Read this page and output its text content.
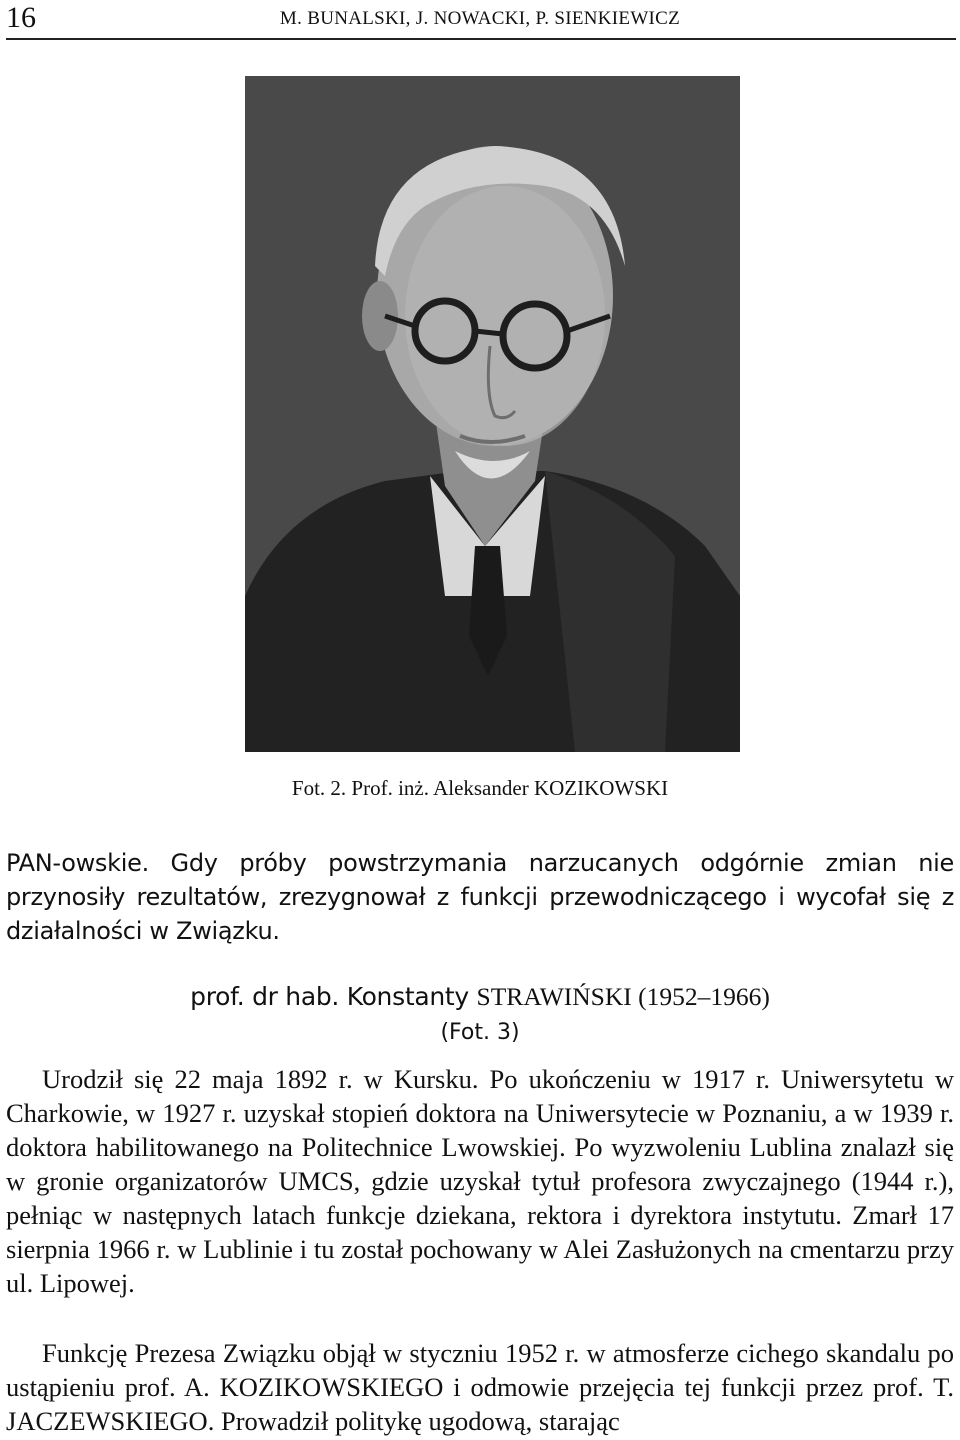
16	M. BUNALSKI, J. NOWACKI, P. SIENKIEWICZ
Fot. 2. Prof. inż. Aleksander KOZIKOWSKI

PAN-owskie. Gdy próby powstrzymania narzucanych odgórnie zmian nie przynosiły rezultatów, zrezygnował z funkcji przewodniczącego i wycofał się z działalności w Związku.

prof. dr hab. Konstanty STRAWIŃSKI (1952–1966)
(Fot. 3)

Urodził się 22 maja 1892 r. w Kursku. Po ukończeniu w 1917 r. Uniwersytetu w Charkowie, w 1927 r. uzyskał stopień doktora na Uniwersytecie w Poznaniu, a w 1939 r. doktora habilitowanego na Politechnice Lwowskiej. Po wyzwoleniu Lublina znalazł się w gronie organizatorów UMCS, gdzie uzyskał tytuł profesora zwyczajnego (1944 r.), pełniąc w następnych latach funkcje dziekana, rektora i dyrektora instytutu. Zmarł 17 sierpnia 1966 r. w Lublinie i tu został pochowany w Alei Zasłużonych na cmentarzu przy ul. Lipowej.

Funkcję Prezesa Związku objął w styczniu 1952 r. w atmosferze cichego skandalu po ustąpieniu prof. A. KOZIKOWSKIEGO i odmowie przejęcia tej funkcji przez prof. T. JACZEWSKIEGO. Prowadził politykę ugodową, starając
